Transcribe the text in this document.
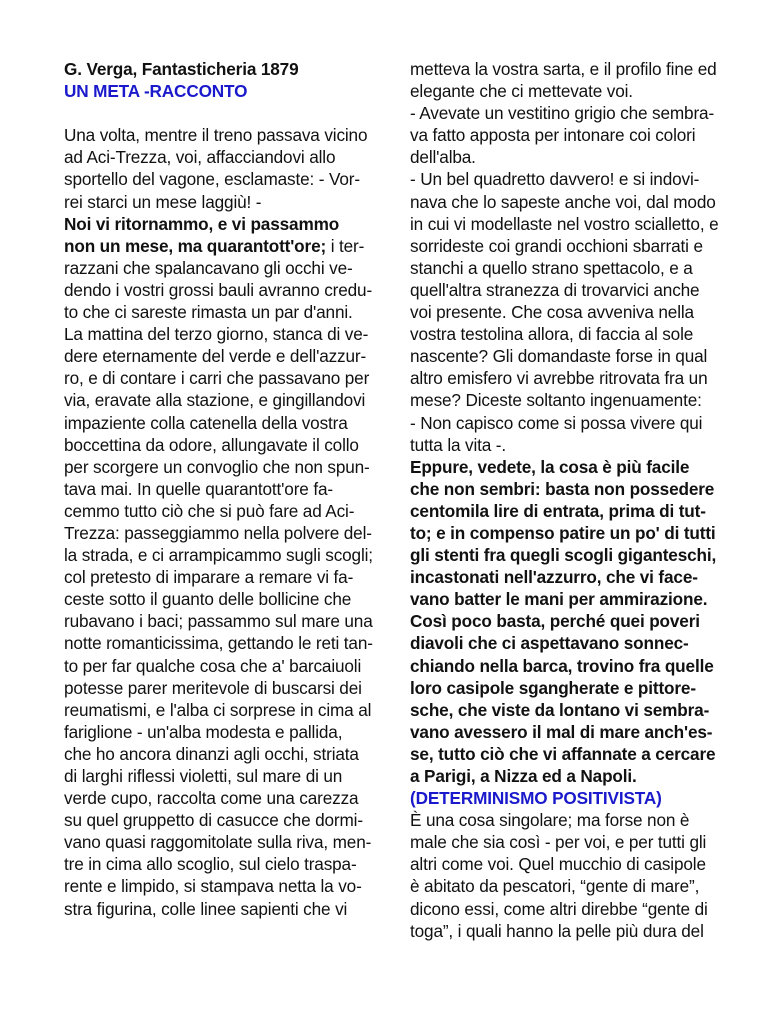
G. Verga, Fantasticheria 1879
UN META -RACCONTO
Una volta, mentre il treno passava vicino
ad Aci-Trezza, voi, affacciandovi allo
sportello del vagone, esclamaste: - Vor-
rei starci un mese laggiù! -
Noi vi ritornammo, e vi passammo
non un mese, ma quarantott'ore; i ter-
razzani che spalancavano gli occhi ve-
dendo i vostri grossi bauli avranno credu-
to che ci sareste rimasta un par d'anni.
La mattina del terzo giorno, stanca di ve-
dere eternamente del verde e dell'azzur-
ro, e di contare i carri che passavano per
via, eravate alla stazione, e gingillandovi
impaziente colla catenella della vostra
boccettina da odore, allungavate il collo
per scorgere un convoglio che non spun-
tava mai. In quelle quarantott'ore fa-
cemmo tutto ciò che si può fare ad Aci-
Trezza: passeggiammo nella polvere del-
la strada, e ci arrampicammo sugli scogli;
col pretesto di imparare a remare vi fa-
ceste sotto il guanto delle bollicine che
rubavano i baci; passammo sul mare una
notte romanticissima, gettando le reti tan-
to per far qualche cosa che a' barcaiuoli
potesse parer meritevole di buscarsi dei
reumatismi, e l'alba ci sorprese in cima al
fariglione - un'alba modesta e pallida,
che ho ancora dinanzi agli occhi, striata
di larghi riflessi violetti, sul mare di un
verde cupo, raccolta come una carezza
su quel gruppetto di casucce che dormi-
vano quasi raggomitolate sulla riva, men-
tre in cima allo scoglio, sul cielo traspa-
rente e limpido, si stampava netta la vo-
stra figurina, colle linee sapienti che vi
metteva la vostra sarta, e il profilo fine ed
elegante che ci mettevate voi.
- Avevate un vestitino grigio che sembra-
va fatto apposta per intonare coi colori
dell'alba.
- Un bel quadretto davvero! e si indovi-
nava che lo sapeste anche voi, dal modo
in cui vi modellaste nel vostro scialletto, e
sorrideste coi grandi occhioni sbarrati e
stanchi a quello strano spettacolo, e a
quell'altra stranezza di trovarvici anche
voi presente. Che cosa avveniva nella
vostra testolina allora, di faccia al sole
nascente? Gli domandaste forse in qual
altro emisfero vi avrebbe ritrovata fra un
mese? Diceste soltanto ingenuamente:
- Non capisco come si possa vivere qui
tutta la vita -.
Eppure, vedete, la cosa è più facile
che non sembri: basta non possedere
centomila lire di entrata, prima di tut-
to; e in compenso patire un po' di tutti
gli stenti fra quegli scogli giganteschi,
incastonati nell'azzurro, che vi face-
vano batter le mani per ammirazione.
Così poco basta, perché quei poveri
diavoli che ci aspettavano sonnec-
chiando nella barca, trovino fra quelle
loro casipole sgangherate e pittore-
sche, che viste da lontano vi sembra-
vano avessero il mal di mare anch'es-
se, tutto ciò che vi affannate a cercare
a Parigi, a Nizza ed a Napoli.
(DETERMINISMO POSITIVISTA)
È una cosa singolare; ma forse non è
male che sia così - per voi, e per tutti gli
altri come voi. Quel mucchio di casipole
è abitato da pescatori, “gente di mare”,
dicono essi, come altri direbbe “gente di
toga”, i quali hanno la pelle più dura del
